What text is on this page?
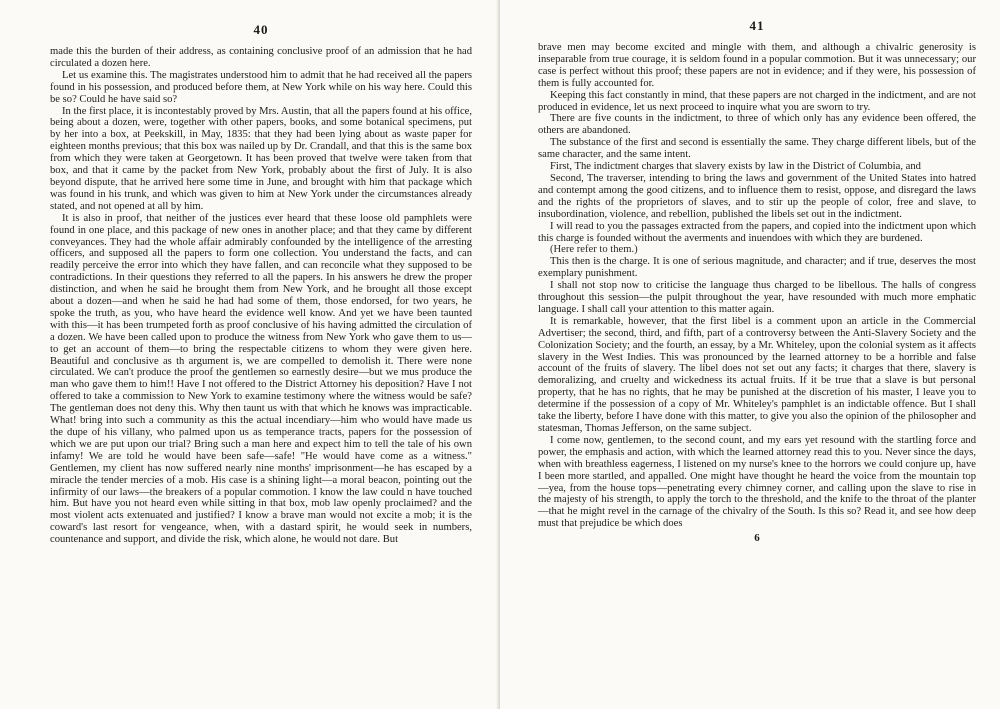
40

made this the burden of their address, as containing conclusive proof of an admission that he had circulated a dozen here.

Let us examine this. The magistrates understood him to admit that he had received all the papers found in his possession, and produced before them, at New York while on his way here. Could this be so? Could he have said so?

In the first place, it is incontestably proved by Mrs. Austin, that all the papers found at his office, being about a dozen, were, together with other papers, books, and some botanical specimens, put by her into a box, at Peekskill, in May, 1835: that they had been lying about as waste paper for eighteen months previous; that this box was nailed up by Dr. Crandall, and that this is the same box from which they were taken at Georgetown. It has been proved that twelve were taken from that box, and that it came by the packet from New York, probably about the first of July. It is also beyond dispute, that he arrived here some time in June, and brought with him that package which was found in his trunk, and which was given to him at New York under the circumstances already stated, and not opened at all by him.

It is also in proof, that neither of the justices ever heard that these loose old pamphlets were found in one place, and this package of new ones in another place; and that they came by different conveyances. They had the whole affair admirably confounded by the intelligence of the arresting officers, and supposed all the papers to form one collection. You understand the facts, and can readily perceive the error into which they have fallen, and can reconcile what they supposed to be contradictions. In their questions they referred to all the papers. In his answers he drew the proper distinction, and when he said he brought them from New York, and he brought all those except about a dozen—and when he said he had had some of them, those endorsed, for two years, he spoke the truth, as you, who have heard the evidence well know. And yet we have been taunted with this—it has been trumpeted forth as proof conclusive of his having admitted the circulation of a dozen. We have been called upon to produce the witness from New York who gave them to us—to get an account of them—to bring the respectable citizens to whom they were given here. Beautiful and conclusive as th argument is, we are compelled to demolish it. There were none circulated. We can't produce the proof the gentlemen so earnestly desire—but we mus produce the man who gave them to him!! Have I not offered to the District Attorney his deposition? Have I not offered to take a commission to New York to examine testimony where the witness would be safe? The gentleman does not deny this. Why then taunt us with that which he knows was impracticable. What! bring into such a community as this the actual incendiary—him who would have made us the dupe of his villany, who palmed upon us as temperance tracts, papers for the possession of which we are put upon our trial? Bring such a man here and expect him to tell the tale of his own infamy! We are told he would have been safe—safe! "He would have come as a witness." Gentlemen, my client has now suffered nearly nine months' imprisonment—he has escaped by a miracle the tender mercies of a mob. His case is a shining light—a moral beacon, pointing out the infirmity of our laws—the breakers of a popular commotion. I know the law could n have touched him. But have you not heard even while sitting in that box, mob law openly proclaimed? and the most violent acts extenuated and justified? I know a brave man would not excite a mob; it is the coward's last resort for vengeance, when, with a dastard spirit, he would seek in numbers, countenance and support, and divide the risk, which alone, he would not dare. But

41

brave men may become excited and mingle with them, and although a chivalric generosity is inseparable from true courage, it is seldom found in a popular commotion. But it was unnecessary; our case is perfect without this proof; these papers are not in evidence; and if they were, his possession of them is fully accounted for.

Keeping this fact constantly in mind, that these papers are not charged in the indictment, and are not produced in evidence, let us next proceed to inquire what you are sworn to try.

There are five counts in the indictment, to three of which only has any evidence been offered, the others are abandoned.

The substance of the first and second is essentially the same. They charge different libels, but of the same character, and the same intent.

First, The indictment charges that slavery exists by law in the District of Columbia, and

Second, The traverser, intending to bring the laws and government of the United States into hatred and contempt among the good citizens, and to influence them to resist, oppose, and disregard the laws and the rights of the proprietors of slaves, and to stir up the people of color, free and slave, to insubordination, violence, and rebellion, published the libels set out in the indictment.

I will read to you the passages extracted from the papers, and copied into the indictment upon which this charge is founded without the averments and inuendoes with which they are burdened.

(Here refer to them.)

This then is the charge. It is one of serious magnitude, and character; and if true, deserves the most exemplary punishment.

I shall not stop now to criticise the language thus charged to be libellous. The halls of congress throughout this session—the pulpit throughout the year, have resounded with much more emphatic language. I shall call your attention to this matter again.

It is remarkable, however, that the first libel is a comment upon an article in the Commercial Advertiser; the second, third, and fifth, part of a controversy between the Anti-Slavery Society and the Colonization Society; and the fourth, an essay, by a Mr. Whiteley, upon the colonial system as it affects slavery in the West Indies. This was pronounced by the learned attorney to be a horrible and false account of the fruits of slavery. The libel does not set out any facts; it charges that there, slavery is demoralizing, and cruelty and wickedness its actual fruits. If it be true that a slave is but personal property, that he has no rights, that he may be punished at the discretion of his master, I leave you to determine if the possession of a copy of Mr. Whiteley's pamphlet is an indictable offence. But I shall take the liberty, before I have done with this matter, to give you also the opinion of the philosopher and statesman, Thomas Jefferson, on the same subject.

I come now, gentlemen, to the second count, and my ears yet resound with the startling force and power, the emphasis and action, with which the learned attorney read this to you. Never since the days, when with breathless eagerness, I listened on my nurse's knee to the horrors we could conjure up, have I been more startled, and appalled. One might have thought he heard the voice from the mountain top—yea, from the house tops—penetrating every chimney corner, and calling upon the slave to rise in the majesty of his strength, to apply the torch to the threshold, and the knife to the throat of the planter—that he might revel in the carnage of the chivalry of the South. Is this so? Read it, and see how deep must that prejudice be which does

6
